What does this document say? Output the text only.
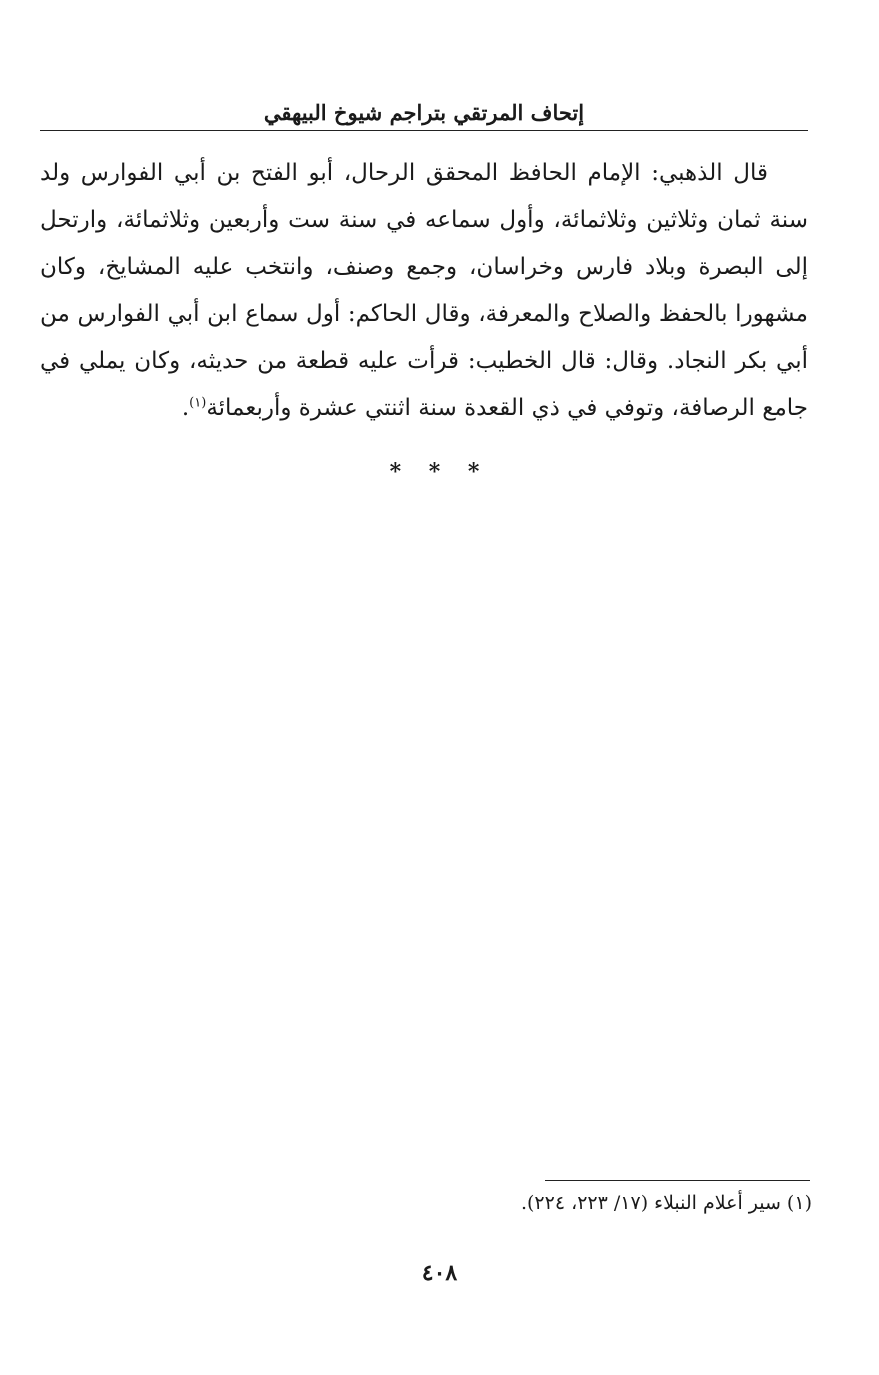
إتحاف المرتقي بتراجم شيوخ البيهقي

قال الذهبي: الإمام الحافظ المحقق الرحال، أبو الفتح بن أبي الفوارس ولد سنة ثمان وثلاثين وثلاثمائة، وأول سماعه في سنة ست وأربعين وثلاثمائة، وارتحل إلى البصرة وبلاد فارس وخراسان، وجمع وصنف، وانتخب عليه المشايخ، وكان مشهورا بالحفظ والصلاح والمعرفة، وقال الحاكم: أول سماع ابن أبي الفوارس من أبي بكر النجاد. وقال: قال الخطيب: قرأت عليه قطعة من حديثه، وكان يملي في جامع الرصافة، وتوفي في ذي القعدة سنة اثنتي عشرة وأربعمائة$^{(١)}$.

* * *
(١) سير أعلام النبلاء (١٧/ ٢٢٣، ٢٢٤).
٤٠٨
